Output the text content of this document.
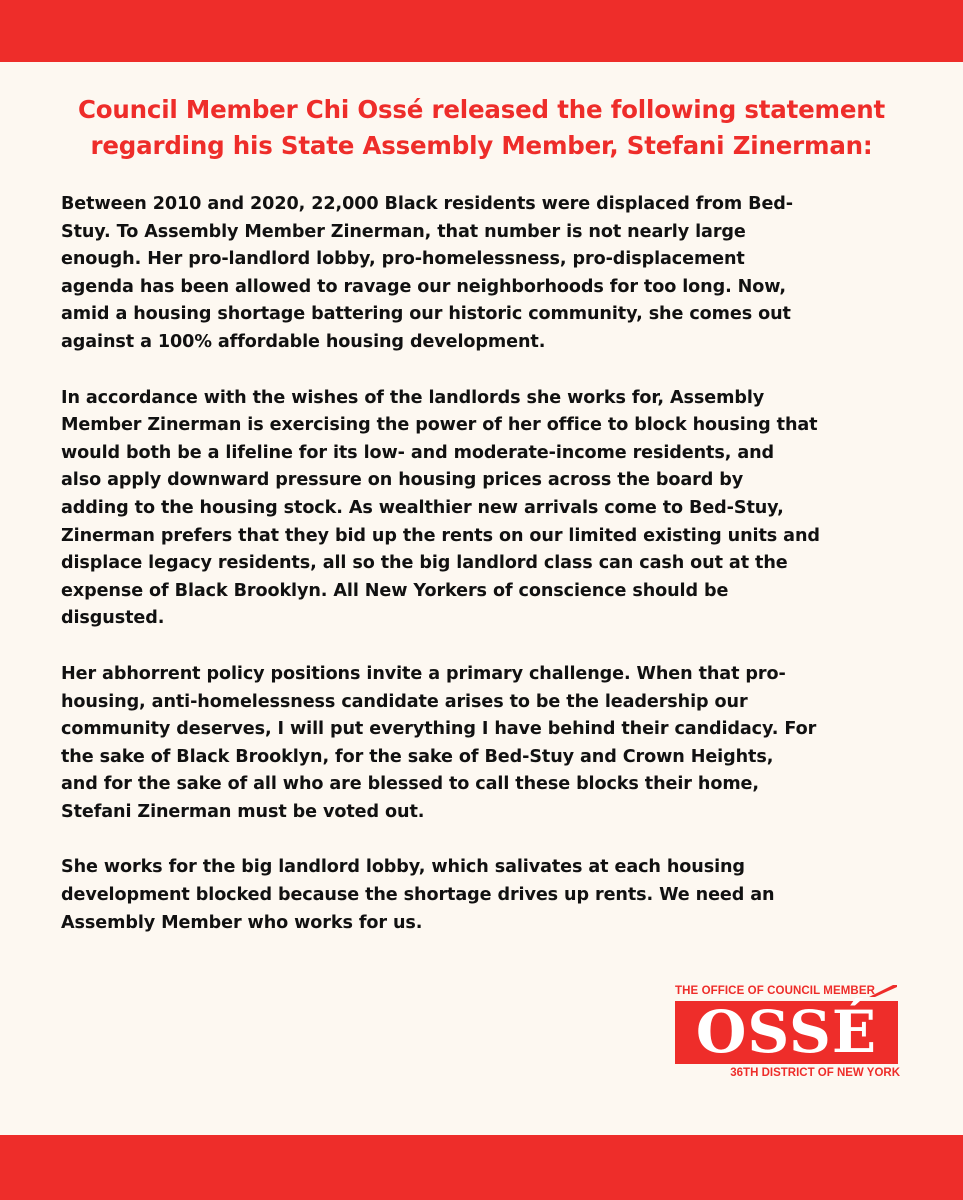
Council Member Chi Ossé released the following statement
regarding his State Assembly Member, Stefani Zinerman:

Between 2010 and 2020, 22,000 Black residents were displaced from Bed-
Stuy. To Assembly Member Zinerman, that number is not nearly large
enough. Her pro-landlord lobby, pro-homelessness, pro-displacement
agenda has been allowed to ravage our neighborhoods for too long. Now,
amid a housing shortage battering our historic community, she comes out
against a 100% affordable housing development.

In accordance with the wishes of the landlords she works for, Assembly
Member Zinerman is exercising the power of her office to block housing that
would both be a lifeline for its low- and moderate-income residents, and
also apply downward pressure on housing prices across the board by
adding to the housing stock. As wealthier new arrivals come to Bed-Stuy,
Zinerman prefers that they bid up the rents on our limited existing units and
displace legacy residents, all so the big landlord class can cash out at the
expense of Black Brooklyn. All New Yorkers of conscience should be
disgusted.

Her abhorrent policy positions invite a primary challenge. When that pro-
housing, anti-homelessness candidate arises to be the leadership our
community deserves, I will put everything I have behind their candidacy. For
the sake of Black Brooklyn, for the sake of Bed-Stuy and Crown Heights,
and for the sake of all who are blessed to call these blocks their home,
Stefani Zinerman must be voted out.

She works for the big landlord lobby, which salivates at each housing
development blocked because the shortage drives up rents. We need an
Assembly Member who works for us.

THE OFFICE OF COUNCIL MEMBER
OSSÉ
36TH DISTRICT OF NEW YORK
